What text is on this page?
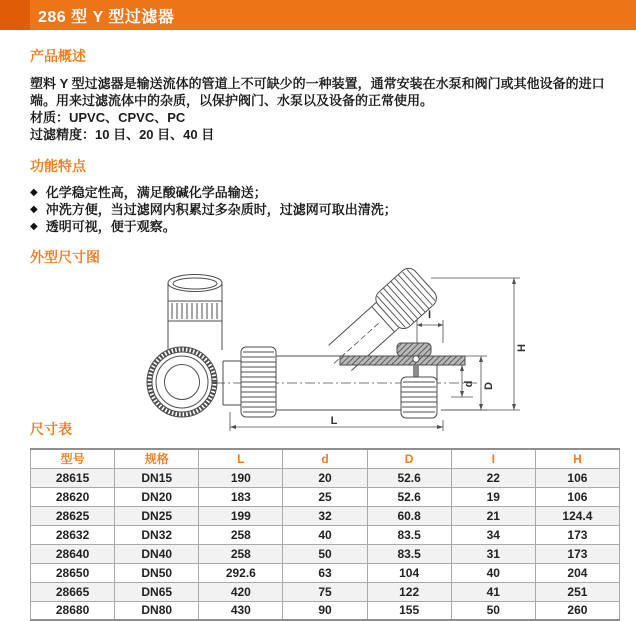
286 型 Y 型过滤器
产品概述
塑料 Y 型过滤器是输送流体的管道上不可缺少的一种装置，通常安装在水泵和阀门或其他设备的进口端。用来过滤流体中的杂质，以保护阀门、水泵以及设备的正常使用。
材质：UPVC、CPVC、PC
过滤精度：10 目、20 目、40 目
功能特点
◆ 化学稳定性高，满足酸碱化学品输送；
◆ 冲洗方便，当过滤网内积累过多杂质时，过滤网可取出清洗；
◆ 透明可视，便于观察。
外型尺寸图
I
H
D
d
L
尺寸表
型号	规格	L	d	D	I	H
28615	DN15	190	20	52.6	22	106
28620	DN20	183	25	52.6	19	106
28625	DN25	199	32	60.8	21	124.4
28632	DN32	258	40	83.5	34	173
28640	DN40	258	50	83.5	31	173
28650	DN50	292.6	63	104	40	204
28665	DN65	420	75	122	41	251
28680	DN80	430	90	155	50	260
